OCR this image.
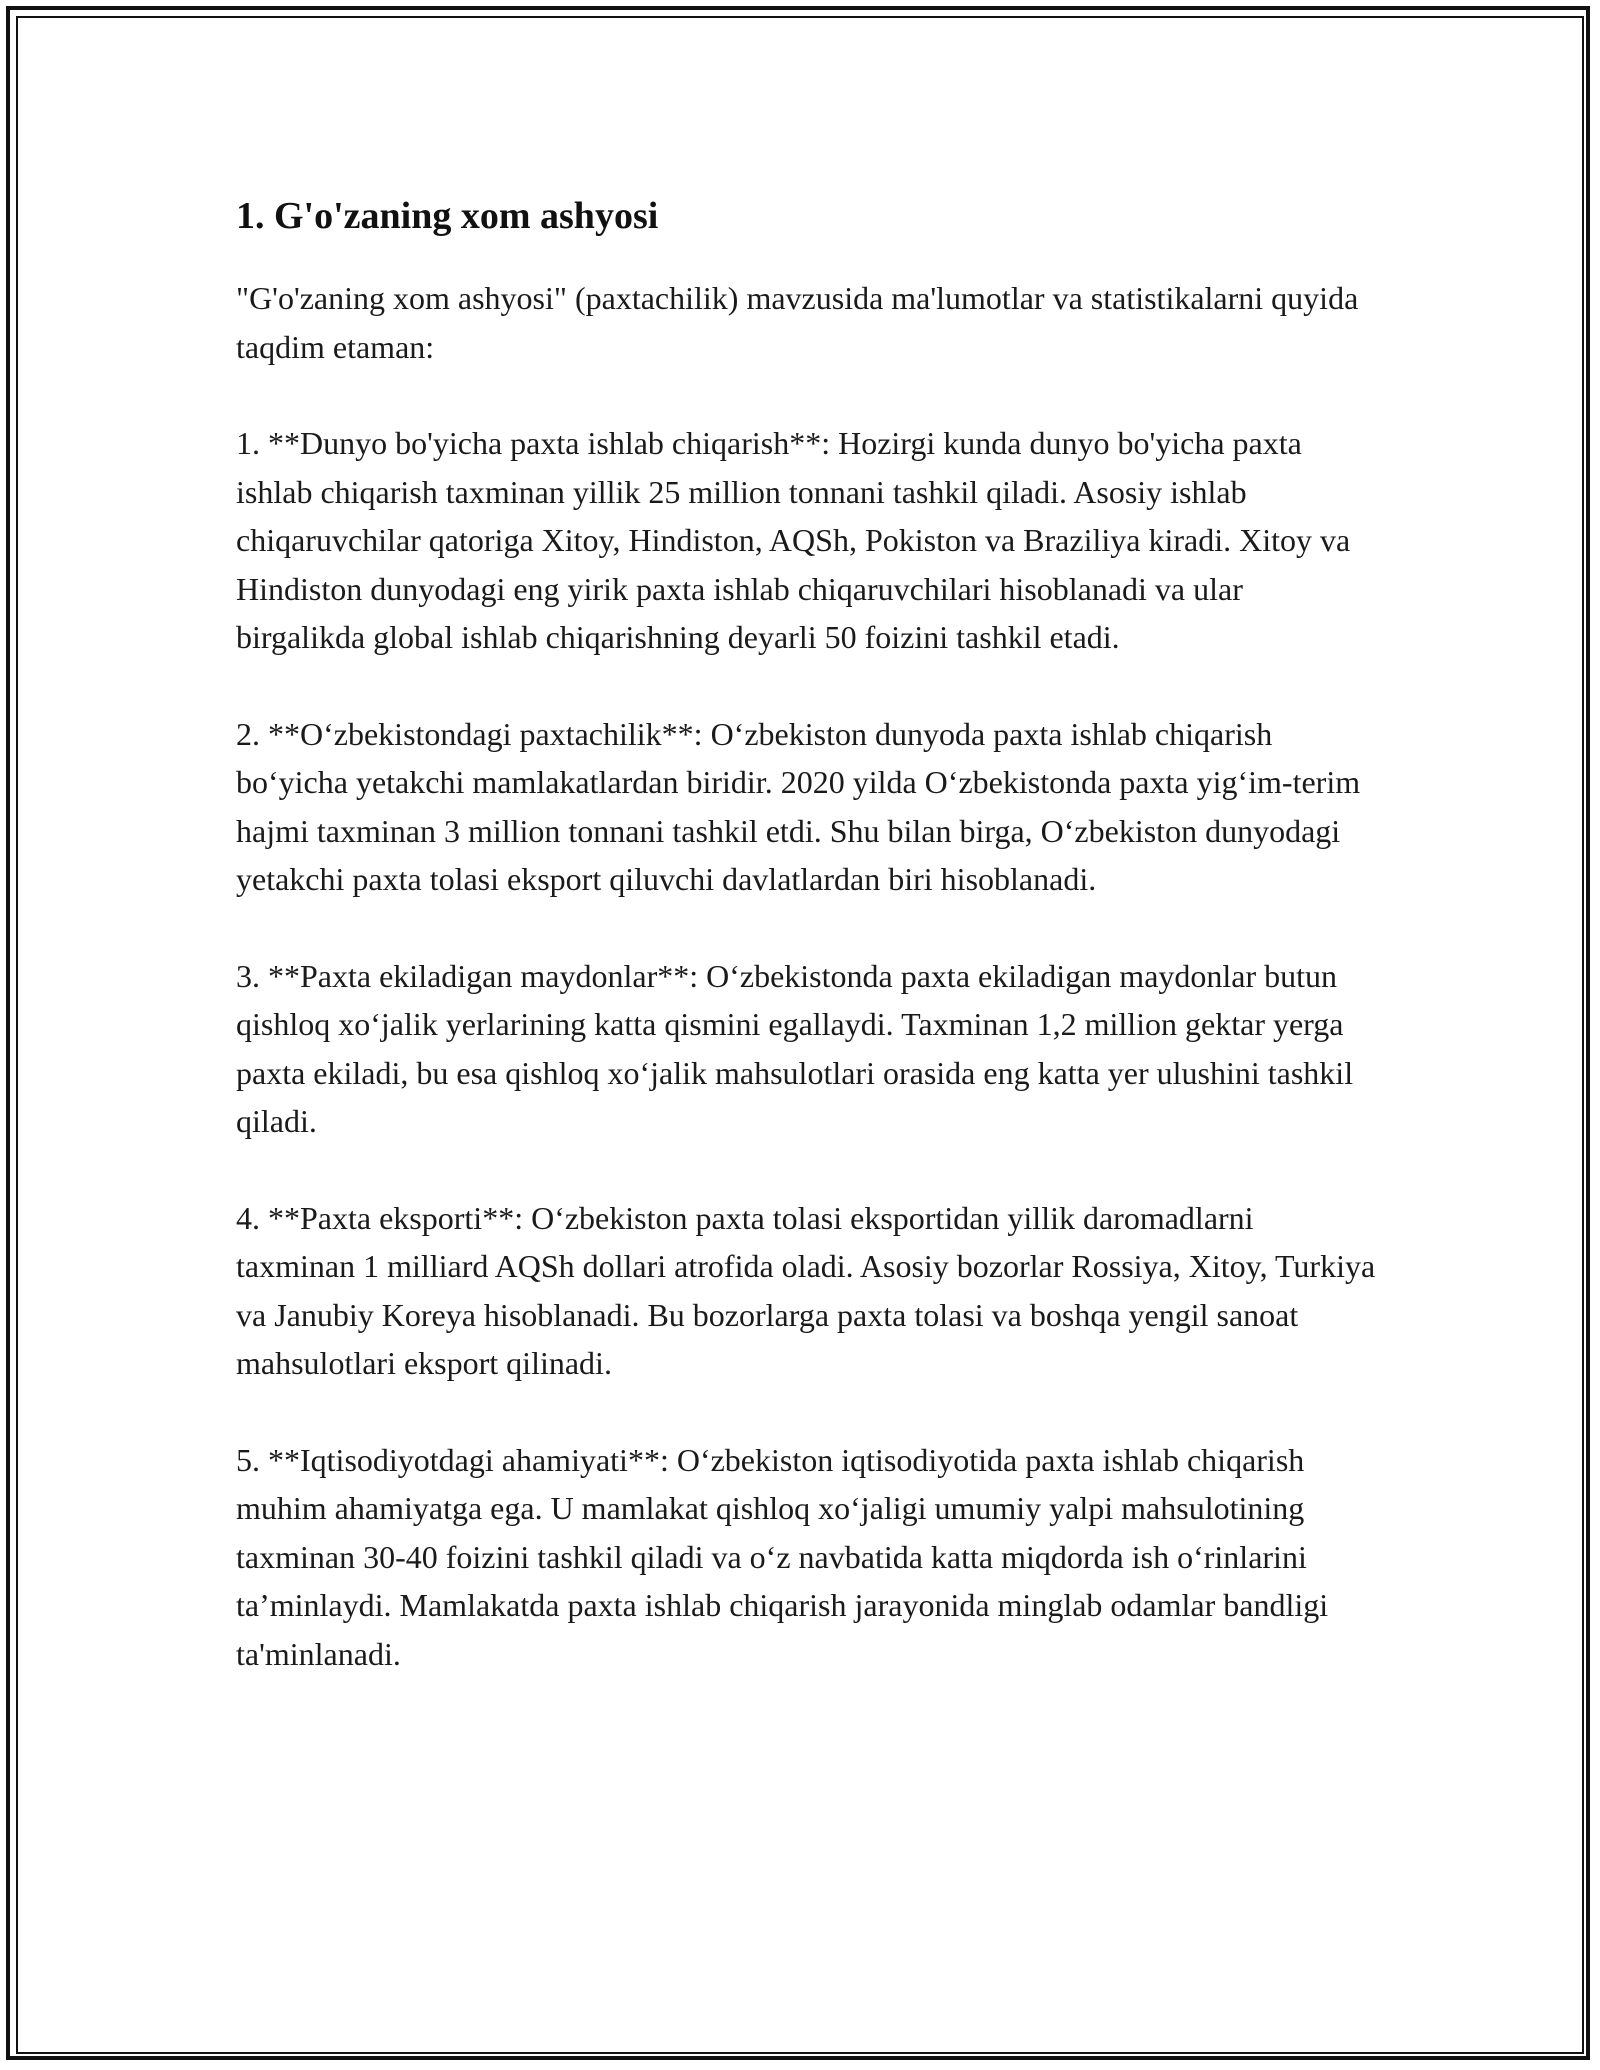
1. G'o'zaning xom ashyosi

"G'o'zaning xom ashyosi" (paxtachilik) mavzusida ma'lumotlar va statistikalarni quyida taqdim etaman:

1. **Dunyo bo'yicha paxta ishlab chiqarish**: Hozirgi kunda dunyo bo'yicha paxta ishlab chiqarish taxminan yillik 25 million tonnani tashkil qiladi. Asosiy ishlab chiqaruvchilar qatoriga Xitoy, Hindiston, AQSh, Pokiston va Braziliya kiradi. Xitoy va Hindiston dunyodagi eng yirik paxta ishlab chiqaruvchilari hisoblanadi va ular birgalikda global ishlab chiqarishning deyarli 50 foizini tashkil etadi.

2. **O‘zbekistondagi paxtachilik**: O‘zbekiston dunyoda paxta ishlab chiqarish bo‘yicha yetakchi mamlakatlardan biridir. 2020 yilda O‘zbekistonda paxta yig‘im-terim hajmi taxminan 3 million tonnani tashkil etdi. Shu bilan birga, O‘zbekiston dunyodagi yetakchi paxta tolasi eksport qiluvchi davlatlardan biri hisoblanadi.

3. **Paxta ekiladigan maydonlar**: O‘zbekistonda paxta ekiladigan maydonlar butun qishloq xo‘jalik yerlarining katta qismini egallaydi. Taxminan 1,2 million gektar yerga paxta ekiladi, bu esa qishloq xo‘jalik mahsulotlari orasida eng katta yer ulushini tashkil qiladi.

4. **Paxta eksporti**: O‘zbekiston paxta tolasi eksportidan yillik daromadlarni taxminan 1 milliard AQSh dollari atrofida oladi. Asosiy bozorlar Rossiya, Xitoy, Turkiya va Janubiy Koreya hisoblanadi. Bu bozorlarga paxta tolasi va boshqa yengil sanoat mahsulotlari eksport qilinadi.

5. **Iqtisodiyotdagi ahamiyati**: O‘zbekiston iqtisodiyotida paxta ishlab chiqarish muhim ahamiyatga ega. U mamlakat qishloq xo‘jaligi umumiy yalpi mahsulotining taxminan 30-40 foizini tashkil qiladi va o‘z navbatida katta miqdorda ish o‘rinlarini ta’minlaydi. Mamlakatda paxta ishlab chiqarish jarayonida minglab odamlar bandligi ta'minlanadi.
